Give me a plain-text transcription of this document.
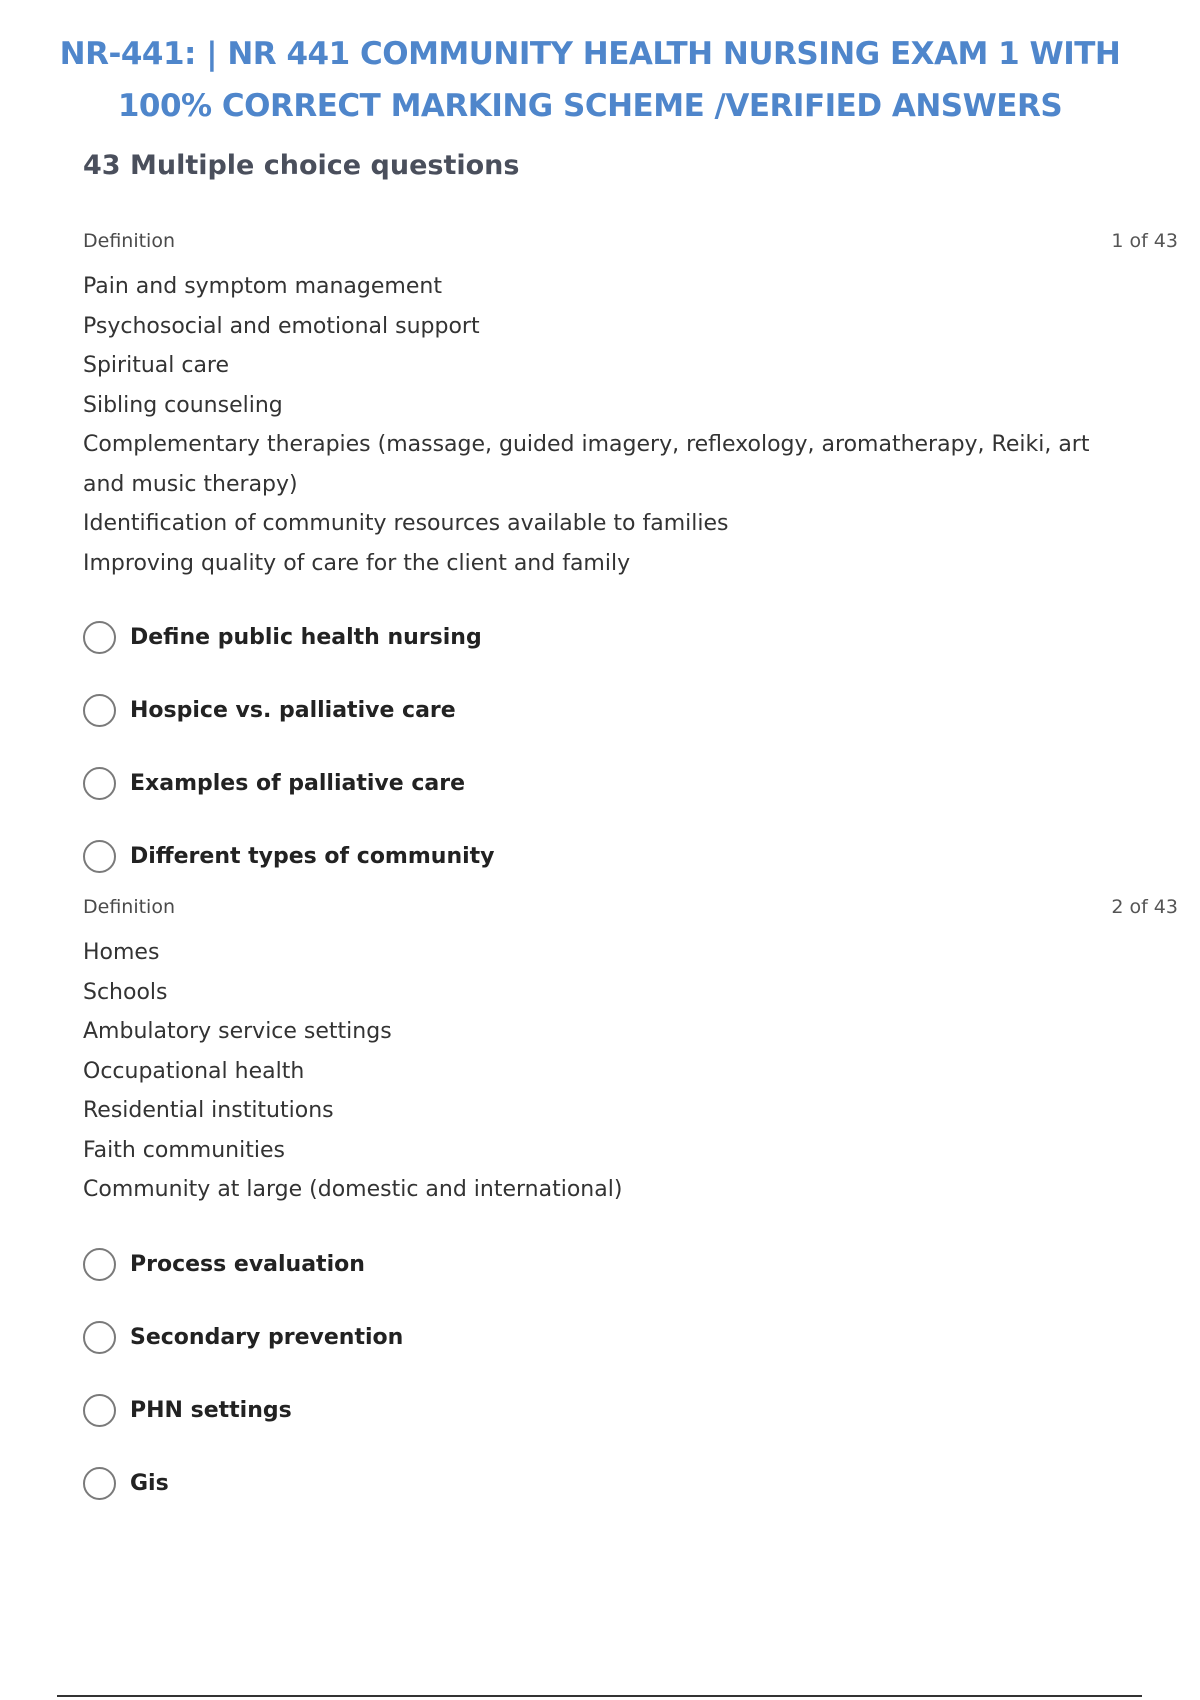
NR-441: | NR 441 COMMUNITY HEALTH NURSING EXAM 1 WITH 100% CORRECT MARKING SCHEME /VERIFIED ANSWERS
43 Multiple choice questions
Definition	1 of 43
Pain and symptom management
Psychosocial and emotional support
Spiritual care
Sibling counseling
Complementary therapies (massage, guided imagery, reflexology, aromatherapy, Reiki, art and music therapy)
Identification of community resources available to families
Improving quality of care for the client and family
Define public health nursing
Hospice vs. palliative care
Examples of palliative care
Different types of community
Definition	2 of 43
Homes
Schools
Ambulatory service settings
Occupational health
Residential institutions
Faith communities
Community at large (domestic and international)
Process evaluation
Secondary prevention
PHN settings
Gis
